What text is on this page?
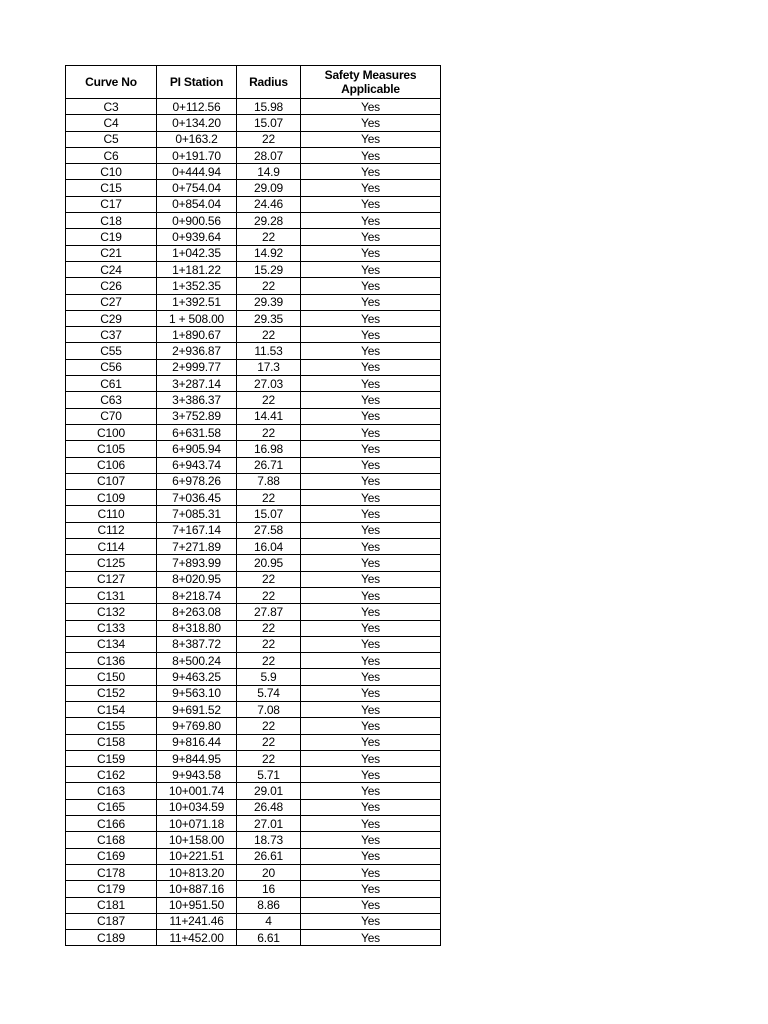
Curve No	PI Station	Radius	Safety Measures Applicable
C3	0+112.56	15.98	Yes
C4	0+134.20	15.07	Yes
C5	0+163.2	22	Yes
C6	0+191.70	28.07	Yes
C10	0+444.94	14.9	Yes
C15	0+754.04	29.09	Yes
C17	0+854.04	24.46	Yes
C18	0+900.56	29.28	Yes
C19	0+939.64	22	Yes
C21	1+042.35	14.92	Yes
C24	1+181.22	15.29	Yes
C26	1+352.35	22	Yes
C27	1+392.51	29.39	Yes
C29	1 + 508.00	29.35	Yes
C37	1+890.67	22	Yes
C55	2+936.87	11.53	Yes
C56	2+999.77	17.3	Yes
C61	3+287.14	27.03	Yes
C63	3+386.37	22	Yes
C70	3+752.89	14.41	Yes
C100	6+631.58	22	Yes
C105	6+905.94	16.98	Yes
C106	6+943.74	26.71	Yes
C107	6+978.26	7.88	Yes
C109	7+036.45	22	Yes
C110	7+085.31	15.07	Yes
C112	7+167.14	27.58	Yes
C114	7+271.89	16.04	Yes
C125	7+893.99	20.95	Yes
C127	8+020.95	22	Yes
C131	8+218.74	22	Yes
C132	8+263.08	27.87	Yes
C133	8+318.80	22	Yes
C134	8+387.72	22	Yes
C136	8+500.24	22	Yes
C150	9+463.25	5.9	Yes
C152	9+563.10	5.74	Yes
C154	9+691.52	7.08	Yes
C155	9+769.80	22	Yes
C158	9+816.44	22	Yes
C159	9+844.95	22	Yes
C162	9+943.58	5.71	Yes
C163	10+001.74	29.01	Yes
C165	10+034.59	26.48	Yes
C166	10+071.18	27.01	Yes
C168	10+158.00	18.73	Yes
C169	10+221.51	26.61	Yes
C178	10+813.20	20	Yes
C179	10+887.16	16	Yes
C181	10+951.50	8.86	Yes
C187	11+241.46	4	Yes
C189	11+452.00	6.61	Yes
